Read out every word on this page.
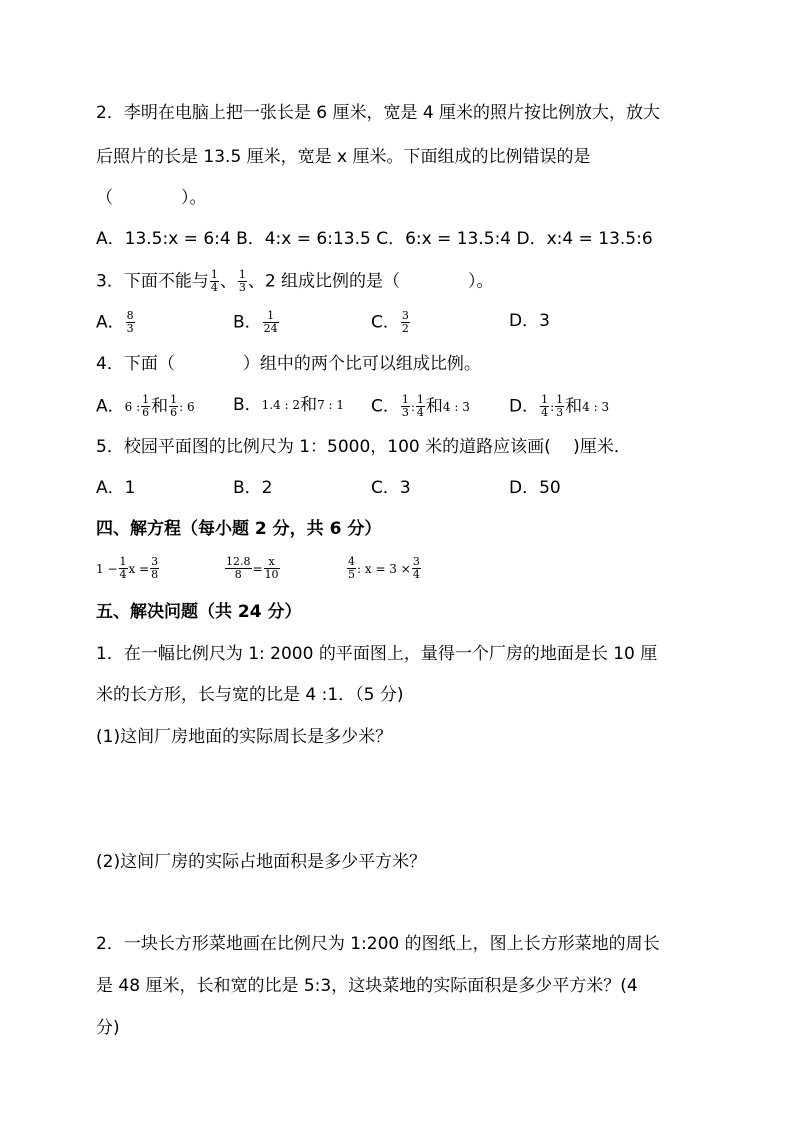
2．李明在电脑上把一张长是 6 厘米，宽是 4 厘米的照片按比例放大，放大
后照片的长是 13.5 厘米，宽是 x 厘米。下面组成的比例错误的是
（　　　　）。
A．13.5:x = 6:4 B．4:x = 6:13.5 C．6:x = 13.5:4 D．x:4 = 13.5:6
3．下面不能与 $\frac{1}{4}$ 、 $\frac{1}{3}$ 、2 组成比例的是（　　　　）。
A． $\frac{8}{3}$	B． $\frac{1}{24}$	C． $\frac{3}{2}$	D．3
4．下面（　　　　）组中的两个比可以组成比例。
A．6 : $\frac{1}{6}$ 和 $\frac{1}{6}$ : 6 B．1.4 : 2和7 : 1 C． $\frac{1}{3}$ : $\frac{1}{4}$ 和4 : 3 D． $\frac{1}{4}$ : $\frac{1}{3}$ 和4 : 3
5．校园平面图的比例尺为 1：5000，100 米的道路应该画(　 )厘米．
A．1	B．2	C．3	D．50
四、解方程（每小题 2 分，共 6 分）
$1 - \frac{1}{4}$ $x = \frac{3}{8}$	$\frac{12.8}{8} = \frac{x}{10}$	$\frac{4}{5}$ : $x = 3 \times \frac{3}{4}$
五、解决问题（共 24 分）
1．在一幅比例尺为 1: 2000 的平面图上，量得一个厂房的地面是长 10 厘
米的长方形，长与宽的比是 4 :1．（5 分)
(1)这间厂房地面的实际周长是多少米？
(2)这间厂房的实际占地面积是多少平方米？
2．一块长方形菜地画在比例尺为 1:200 的图纸上，图上长方形菜地的周长
是 48 厘米，长和宽的比是 5:3，这块菜地的实际面积是多少平方米？(4
分)
